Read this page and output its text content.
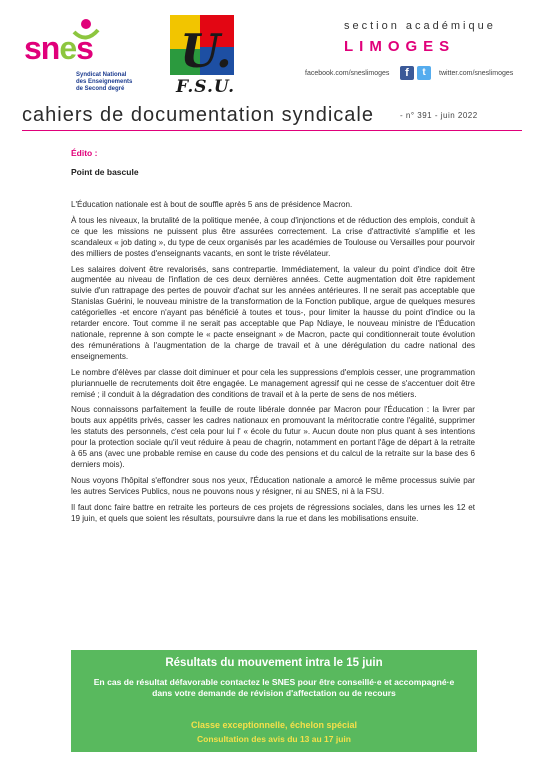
snes
Syndicat National
des Enseignements
de Second degré
U.
F.S.U.
section académique
LIMOGES
facebook.com/sneslimoges	f	t	twitter.com/sneslimoges
cahiers de documentation syndicale	- n° 391 - juin 2022

Édito :

Point de bascule

L'Éducation nationale est à bout de souffle après 5 ans de présidence Macron.

À tous les niveaux, la brutalité de la politique menée, à coup d'injonctions et de réduction des emplois, conduit à ce que les missions ne puissent plus être assurées correctement. La crise d'attractivité s'amplifie et les scandaleux « job dating », du type de ceux organisés par les académies de Toulouse ou Versailles pour pourvoir des milliers de postes d'enseignants vacants, en sont le triste révélateur.

Les salaires doivent être revalorisés, sans contrepartie. Immédiatement, la valeur du point d'indice doit être augmentée au niveau de l'inflation de ces deux dernières années. Cette augmentation doit être rapidement suivie d'un rattrapage des pertes de pouvoir d'achat sur les années antérieures. Il ne serait pas acceptable que Stanislas Guérini, le nouveau ministre de la transformation de la Fonction publique, argue de quelques mesures catégorielles -et encore n'ayant pas bénéficié à toutes et tous-, pour limiter la hausse du point d'indice ou la retarder encore. Tout comme il ne serait pas acceptable que Pap Ndiaye, le nouveau ministre de l'Éducation nationale, reprenne à son compte le « pacte enseignant » de Macron, pacte qui conditionnerait toute évolution des rémunérations à l'augmentation de la charge de travail et à une dérégulation du cadre national des enseignements.

Le nombre d'élèves par classe doit diminuer et pour cela les suppressions d'emplois cesser, une programmation pluriannuelle de recrutements doit être engagée. Le management agressif qui ne cesse de s'accentuer doit être remisé ; il conduit à la dégradation des conditions de travail et à la perte de sens de nos métiers.

Nous connaissons parfaitement la feuille de route libérale donnée par Macron pour l'Éducation : la livrer par bouts aux appétits privés, casser les cadres nationaux en promouvant la méritocratie contre l'égalité, supprimer les statuts des personnels, c'est cela pour lui l' « école du futur ». Aucun doute non plus quant à ses intentions pour la protection sociale qu'il veut réduire à peau de chagrin, notamment en portant l'âge de départ à la retraite à 65 ans (avec une probable remise en cause du code des pensions et du calcul de la retraite sur la base des 6 derniers mois).

Nous voyons l'hôpital s'effondrer sous nos yeux, l'Éducation nationale a amorcé le même processus suivie par les autres Services Publics, nous ne pouvons nous y résigner, ni au SNES, ni à la FSU.

Il faut donc faire battre en retraite les porteurs de ces projets de régressions sociales, dans les urnes les 12 et 19 juin, et quels que soient les résultats, poursuivre dans la rue et dans les mobilisations ensuite.

Résultats du mouvement intra le 15 juin
En cas de résultat défavorable contactez le SNES pour être conseillé·e et accompagné·e dans votre demande de révision d'affectation ou de recours
Classe exceptionnelle, échelon spécial
Consultation des avis du 13 au 17 juin
